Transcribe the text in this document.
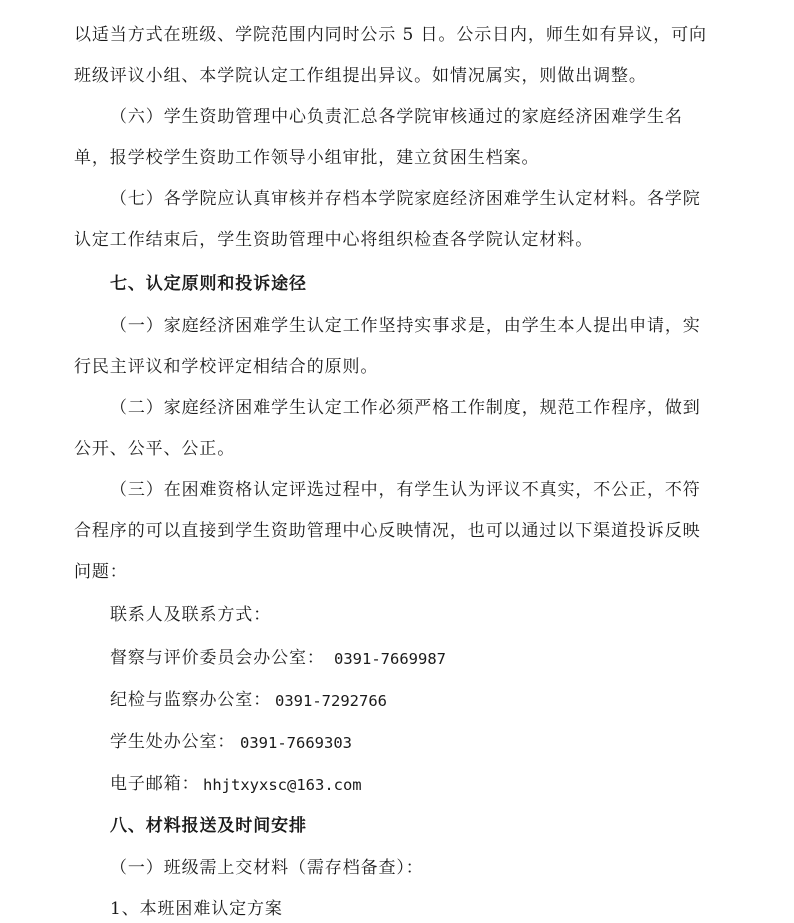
以适当方式在班级、学院范围内同时公示 5 日。公示日内，师生如有异议，可向
班级评议小组、本学院认定工作组提出异议。如情况属实，则做出调整。
（六）学生资助管理中心负责汇总各学院审核通过的家庭经济困难学生名
单，报学校学生资助工作领导小组审批，建立贫困生档案。
（七）各学院应认真审核并存档本学院家庭经济困难学生认定材料。各学院
认定工作结束后，学生资助管理中心将组织检查各学院认定材料。
七、认定原则和投诉途径
（一）家庭经济困难学生认定工作坚持实事求是，由学生本人提出申请，实
行民主评议和学校评定相结合的原则。
（二）家庭经济困难学生认定工作必须严格工作制度，规范工作程序，做到
公开、公平、公正。
（三）在困难资格认定评选过程中，有学生认为评议不真实，不公正，不符
合程序的可以直接到学生资助管理中心反映情况，也可以通过以下渠道投诉反映
问题：
联系人及联系方式：
督察与评价委员会办公室： 0391-7669987
纪检与监察办公室： 0391-7292766
学生处办公室： 0391-7669303
电子邮箱： hhjtxyxsc@163.com
八、材料报送及时间安排
（一）班级需上交材料（需存档备查）：
1、本班困难认定方案
